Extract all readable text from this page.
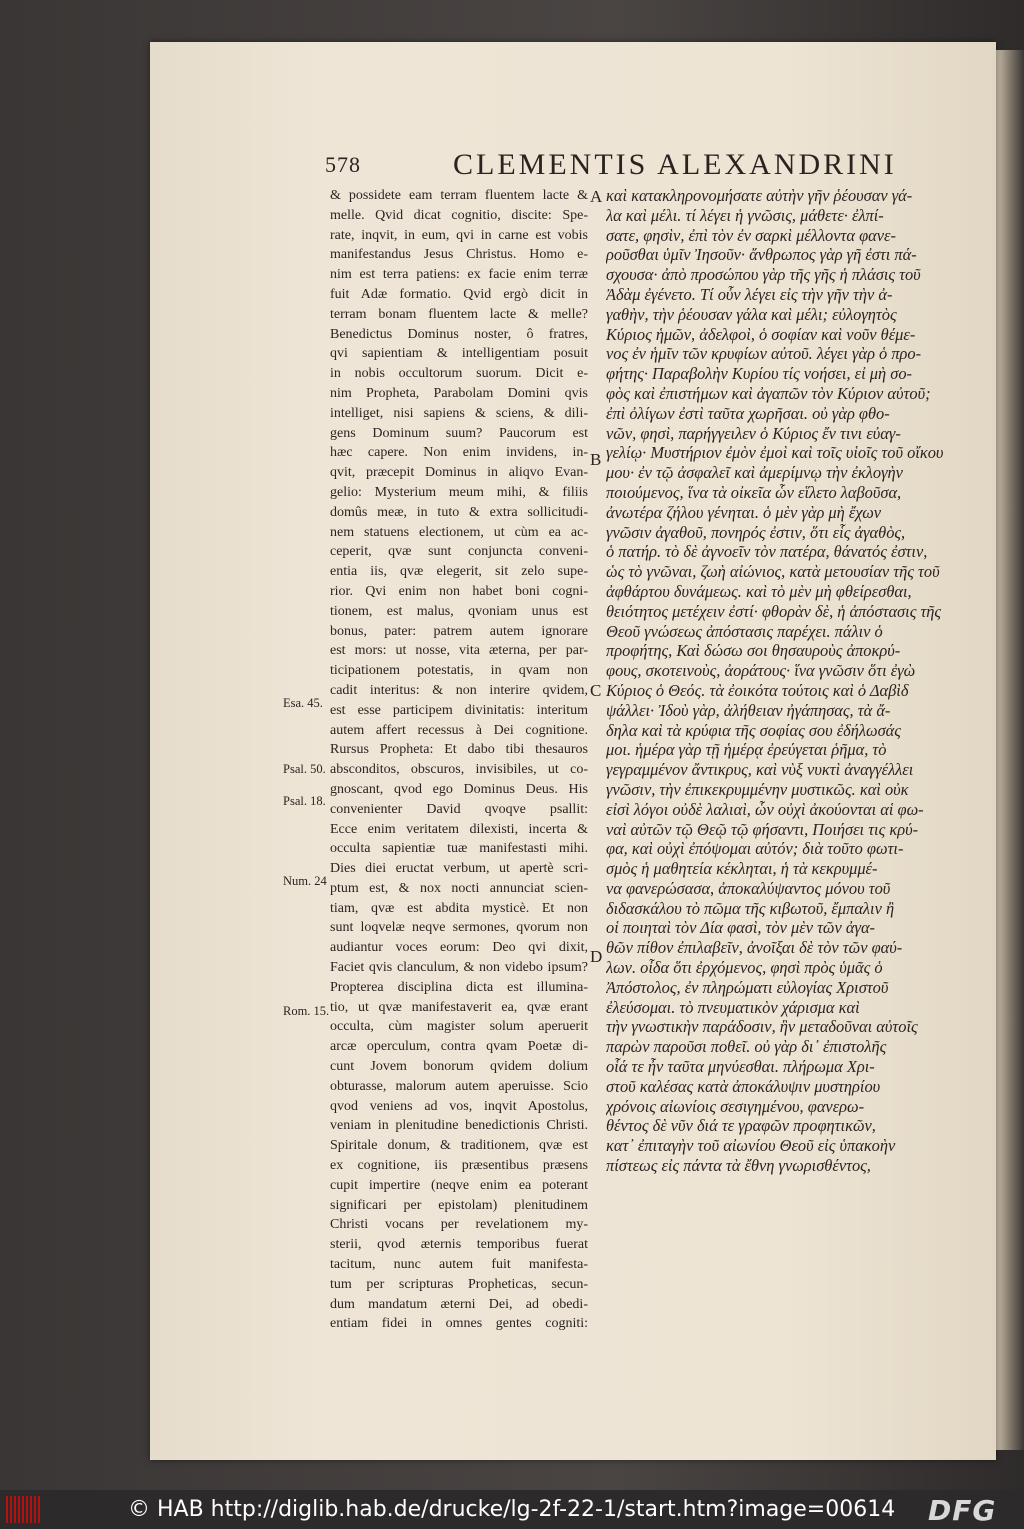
578	CLEMENTIS ALEXANDRINI
& possidete eam terram fluentem lacte &
melle. Qvid dicat cognitio, discite: Spe-
rate, inqvit, in eum, qvi in carne est vobis
manifestandus Jesus Christus. Homo e-
nim est terra patiens: ex facie enim terræ
fuit Adæ formatio. Qvid ergò dicit in
terram bonam fluentem lacte & melle?
Benedictus Dominus noster, ô fratres,
qvi sapientiam & intelligentiam posuit
in nobis occultorum suorum. Dicit e-
nim Propheta, Parabolam Domini qvis
intelliget, nisi sapiens & sciens, & dili-
gens Dominum suum? Paucorum est
hæc capere. Non enim invidens, in-
qvit, præcepit Dominus in aliqvo Evan-
gelio: Mysterium meum mihi, & filiis
domûs meæ, in tuto & extra sollicitudi-
nem statuens electionem, ut cùm ea ac-
ceperit, qvæ sunt conjuncta conveni-
entia iis, qvæ elegerit, sit zelo supe-
rior. Qvi enim non habet boni cogni-
tionem, est malus, qvoniam unus est
bonus, pater: patrem autem ignorare
est mors: ut nosse, vita æterna, per par-
ticipationem potestatis, in qvam non
cadit interitus: & non interire qvidem,
est esse participem divinitatis: interitum
autem affert recessus à Dei cognitione.
Rursus Propheta: Et dabo tibi thesauros
absconditos, obscuros, invisibiles, ut co-
gnoscant, qvod ego Dominus Deus. His
convenienter David qvoqve psallit:
Ecce enim veritatem dilexisti, incerta &
occulta sapientiæ tuæ manifestasti mihi.
Dies diei eructat verbum, ut apertè scri-
ptum est, & nox nocti annunciat scien-
tiam, qvæ est abdita mysticè. Et non
sunt loqvelæ neqve sermones, qvorum non
audiantur voces eorum: Deo qvi dixit,
Faciet qvis clanculum, & non videbo ipsum?
Propterea disciplina dicta est illumina-
tio, ut qvæ manifestaverit ea, qvæ erant
occulta, cùm magister solum aperuerit
arcæ operculum, contra qvam Poetæ di-
cunt Jovem bonorum qvidem dolium
obturasse, malorum autem aperuisse. Scio
qvod veniens ad vos, inqvit Apostolus,
veniam in plenitudine benedictionis Christi.
Spiritale donum, & traditionem, qvæ est
ex cognitione, iis præsentibus præsens
cupit impertire (neqve enim ea poterant
significari per epistolam) plenitudinem
Christi vocans per revelationem my-
sterii, qvod æternis temporibus fuerat
tacitum, nunc autem fuit manifesta-
tum per scripturas Propheticas, secun-
dum mandatum æterni Dei, ad obedi-
entiam fidei in omnes gentes cogniti:
καὶ κατακληρονομήσατε αὐτὴν γῆν ῥέουσαν γά-
λα καὶ μέλι. τί λέγει ἡ γνῶσις, μάθετε· ἐλπί-
σατε, φησὶν, ἐπὶ τὸν ἐν σαρκὶ μέλλοντα φανε-
ροῦσθαι ὑμῖν Ἰησοῦν· ἄνθρωπος γὰρ γῆ ἐστι πά-
σχουσα· ἀπὸ προσώπου γὰρ τῆς γῆς ἡ πλάσις τοῦ
Ἀδὰμ ἐγένετο. Τί οὖν λέγει εἰς τὴν γῆν τὴν ἀ-
γαθὴν, τὴν ῥέουσαν γάλα καὶ μέλι; εὐλογητὸς
Κύριος ἡμῶν, ἀδελφοὶ, ὁ σοφίαν καὶ νοῦν θέμε-
νος ἐν ἡμῖν τῶν κρυφίων αὐτοῦ. λέγει γὰρ ὁ προ-
φήτης· Παραβολὴν Κυρίου τίς νοήσει, εἰ μὴ σο-
φὸς καὶ ἐπιστήμων καὶ ἀγαπῶν τὸν Κύριον αὐτοῦ;
ἐπὶ ὀλίγων ἐστὶ ταῦτα χωρῆσαι. οὐ γὰρ φθο-
νῶν, φησὶ, παρήγγειλεν ὁ Κύριος ἔν τινι εὐαγ-
γελίῳ· Μυστήριον ἐμὸν ἐμοὶ καὶ τοῖς υἱοῖς τοῦ οἴκου
μου· ἐν τῷ ἀσφαλεῖ καὶ ἀμερίμνῳ τὴν ἐκλογὴν
ποιούμενος, ἵνα τὰ οἰκεῖα ὧν εἵλετο λαβοῦσα,
ἀνωτέρα ζήλου γένηται. ὁ μὲν γὰρ μὴ ἔχων
γνῶσιν ἀγαθοῦ, πονηρός ἐστιν, ὅτι εἷς ἀγαθὸς,
ὁ πατήρ. τὸ δὲ ἀγνοεῖν τὸν πατέρα, θάνατός ἐστιν,
ὡς τὸ γνῶναι, ζωὴ αἰώνιος, κατὰ μετουσίαν τῆς τοῦ
ἀφθάρτου δυνάμεως. καὶ τὸ μὲν μὴ φθείρεσθαι,
θειότητος μετέχειν ἐστί· φθορὰν δὲ, ἡ ἀπόστασις τῆς
Θεοῦ γνώσεως ἀπόστασις παρέχει. πάλιν ὁ
προφήτης, Καὶ δώσω σοι θησαυροὺς ἀποκρύ-
φους, σκοτεινοὺς, ἀοράτους· ἵνα γνῶσιν ὅτι ἐγὼ
Κύριος ὁ Θεός. τὰ ἐοικότα τούτοις καὶ ὁ Δαβὶδ
ψάλλει· Ἰδοὺ γὰρ, ἀλήθειαν ἠγάπησας, τὰ ἄ-
δηλα καὶ τὰ κρύφια τῆς σοφίας σου ἐδήλωσάς
μοι. ἡμέρα γὰρ τῇ ἡμέρᾳ ἐρεύγεται ῥῆμα, τὸ
γεγραμμένον ἄντικρυς, καὶ νὺξ νυκτὶ ἀναγγέλλει
γνῶσιν, τὴν ἐπικεκρυμμένην μυστικῶς. καὶ οὐκ
εἰσὶ λόγοι οὐδὲ λαλιαὶ, ὧν οὐχὶ ἀκούονται αἱ φω-
ναὶ αὐτῶν τῷ Θεῷ τῷ φήσαντι, Ποιήσει τις κρύ-
φα, καὶ οὐχὶ ἐπόψομαι αὐτόν; διὰ τοῦτο φωτι-
σμὸς ἡ μαθητεία κέκληται, ἡ τὰ κεκρυμμέ-
να φανερώσασα, ἀποκαλύψαντος μόνου τοῦ
διδασκάλου τὸ πῶμα τῆς κιβωτοῦ, ἔμπαλιν ἢ
οἱ ποιηταὶ τὸν Δία φασὶ, τὸν μὲν τῶν ἀγα-
θῶν πίθον ἐπιλαβεῖν, ἀνοῖξαι δὲ τὸν τῶν φαύ-
λων. οἶδα ὅτι ἐρχόμενος, φησὶ πρὸς ὑμᾶς ὁ
Ἀπόστολος, ἐν πληρώματι εὐλογίας Χριστοῦ
ἐλεύσομαι. τὸ πνευματικὸν χάρισμα καὶ
τὴν γνωστικὴν παράδοσιν, ἣν μεταδοῦναι αὐτοῖς
παρὼν παροῦσι ποθεῖ. οὐ γὰρ δι᾽ ἐπιστολῆς
οἷά τε ἦν ταῦτα μηνύεσθαι. πλήρωμα Χρι-
στοῦ καλέσας κατὰ ἀποκάλυψιν μυστηρίου
χρόνοις αἰωνίοις σεσιγημένου, φανερω-
θέντος δὲ νῦν διά τε γραφῶν προφητικῶν,
κατ᾽ ἐπιταγὴν τοῦ αἰωνίου Θεοῦ εἰς ὑπακοὴν
πίστεως εἰς πάντα τὰ ἔθνη γνωρισθέντος,
Esa. 45.
Psal. 50.
Psal. 18.
Num. 24
Rom. 15.
A
B
C
D
© HAB http://diglib.hab.de/drucke/lg-2f-22-1/start.htm?image=00614 DFG
